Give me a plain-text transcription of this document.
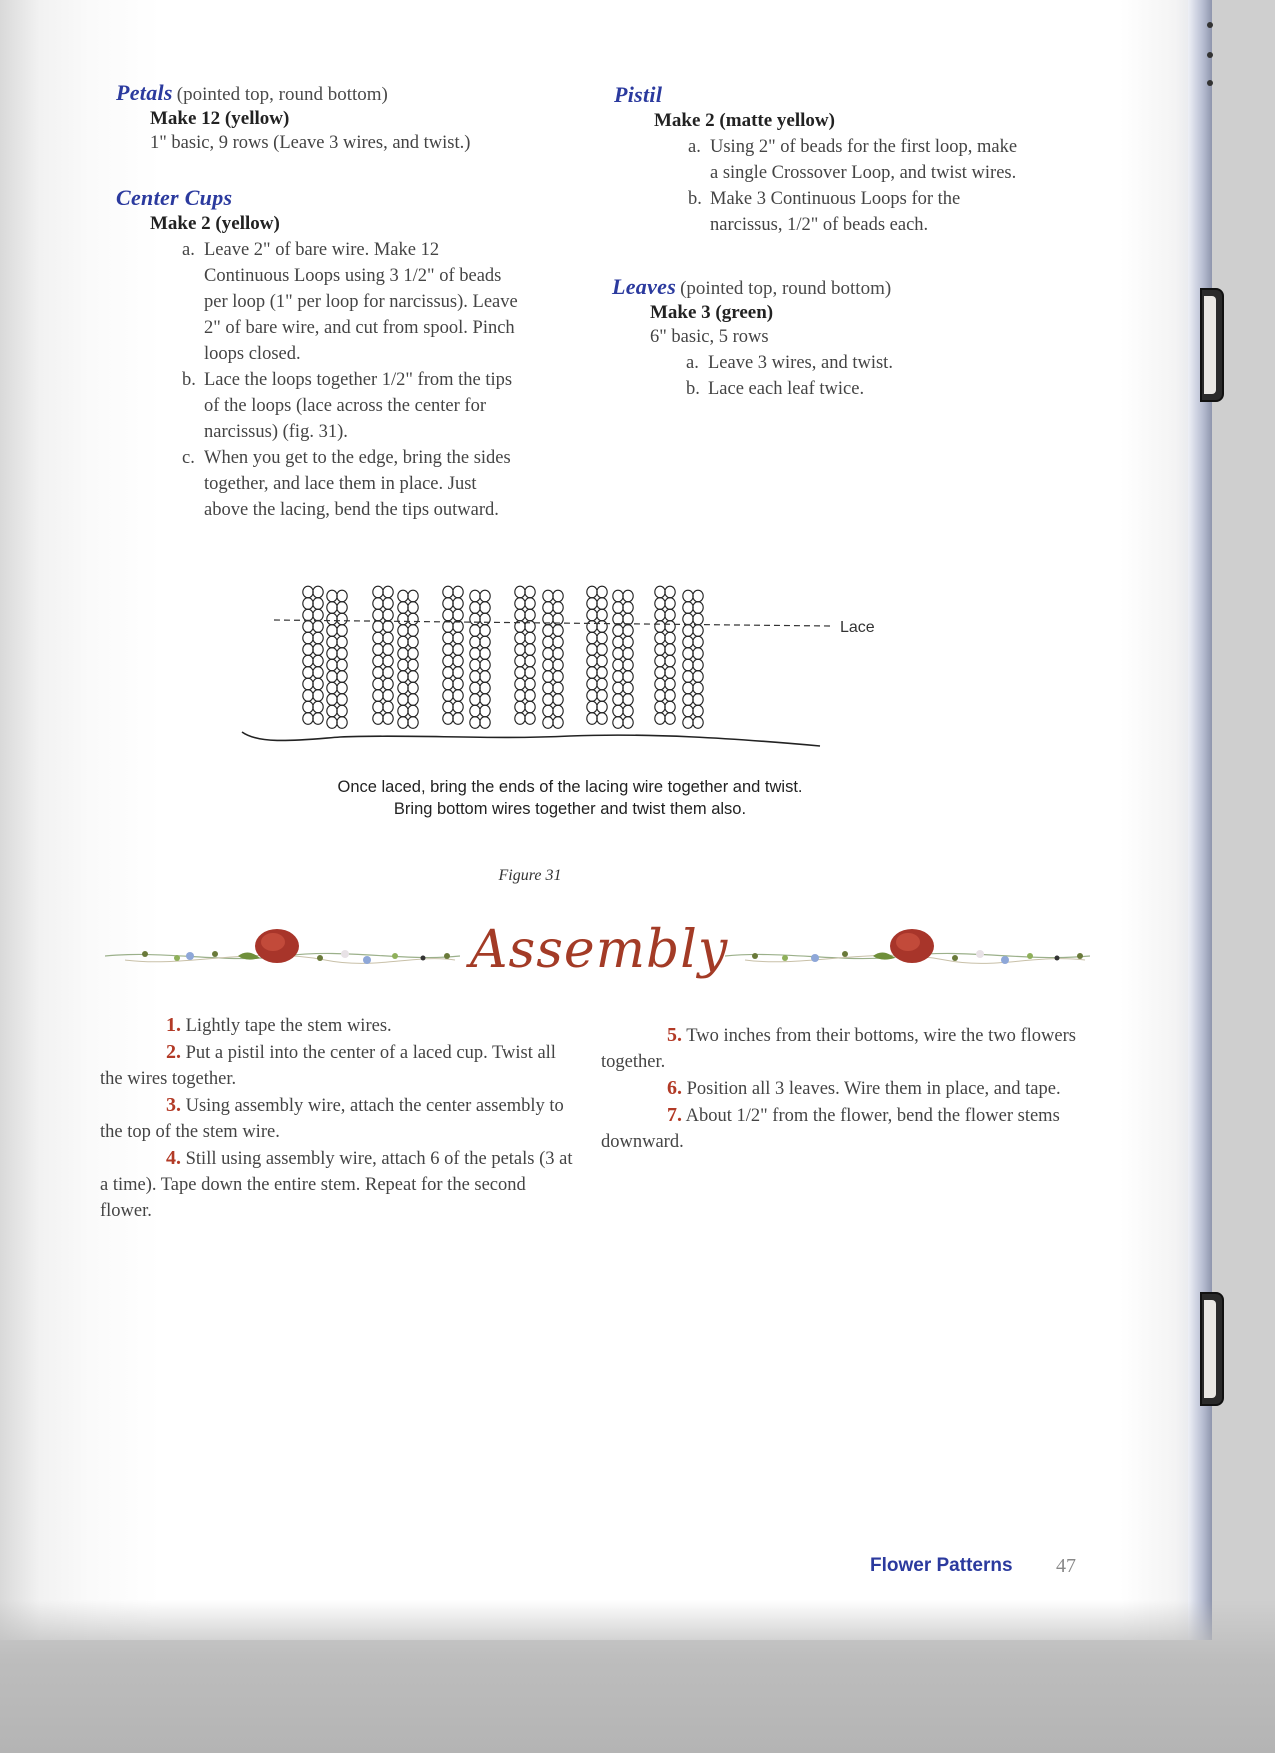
Petals (pointed top, round bottom)
Make 12 (yellow)
1" basic, 9 rows (Leave 3 wires, and twist.)
Center Cups
Make 2 (yellow)
a. Leave 2" of bare wire. Make 12
Continuous Loops using 3 1/2" of beads
per loop (1" per loop for narcissus). Leave
2" of bare wire, and cut from spool. Pinch
loops closed.
b. Lace the loops together 1/2" from the tips
of the loops (lace across the center for
narcissus) (fig. 31).
c. When you get to the edge, bring the sides
together, and lace them in place. Just
above the lacing, bend the tips outward.
Pistil
Make 2 (matte yellow)
a. Using 2" of beads for the first loop, make
a single Crossover Loop, and twist wires.
b. Make 3 Continuous Loops for the
narcissus, 1/2" of beads each.
Leaves (pointed top, round bottom)
Make 3 (green)
6" basic, 5 rows
a. Leave 3 wires, and twist.
b. Lace each leaf twice.
Lace
Once laced, bring the ends of the lacing wire together and twist.
Bring bottom wires together and twist them also.
Figure 31
Assembly
1. Lightly tape the stem wires.
2. Put a pistil into the center of a laced cup. Twist all the wires together.
3. Using assembly wire, attach the center assembly to the top of the stem wire.
4. Still using assembly wire, attach 6 of the petals (3 at a time). Tape down the entire stem. Repeat for the second flower.
5. Two inches from their bottoms, wire the two flowers together.
6. Position all 3 leaves. Wire them in place, and tape.
7. About 1/2" from the flower, bend the flower stems downward.
Flower Patterns 47
